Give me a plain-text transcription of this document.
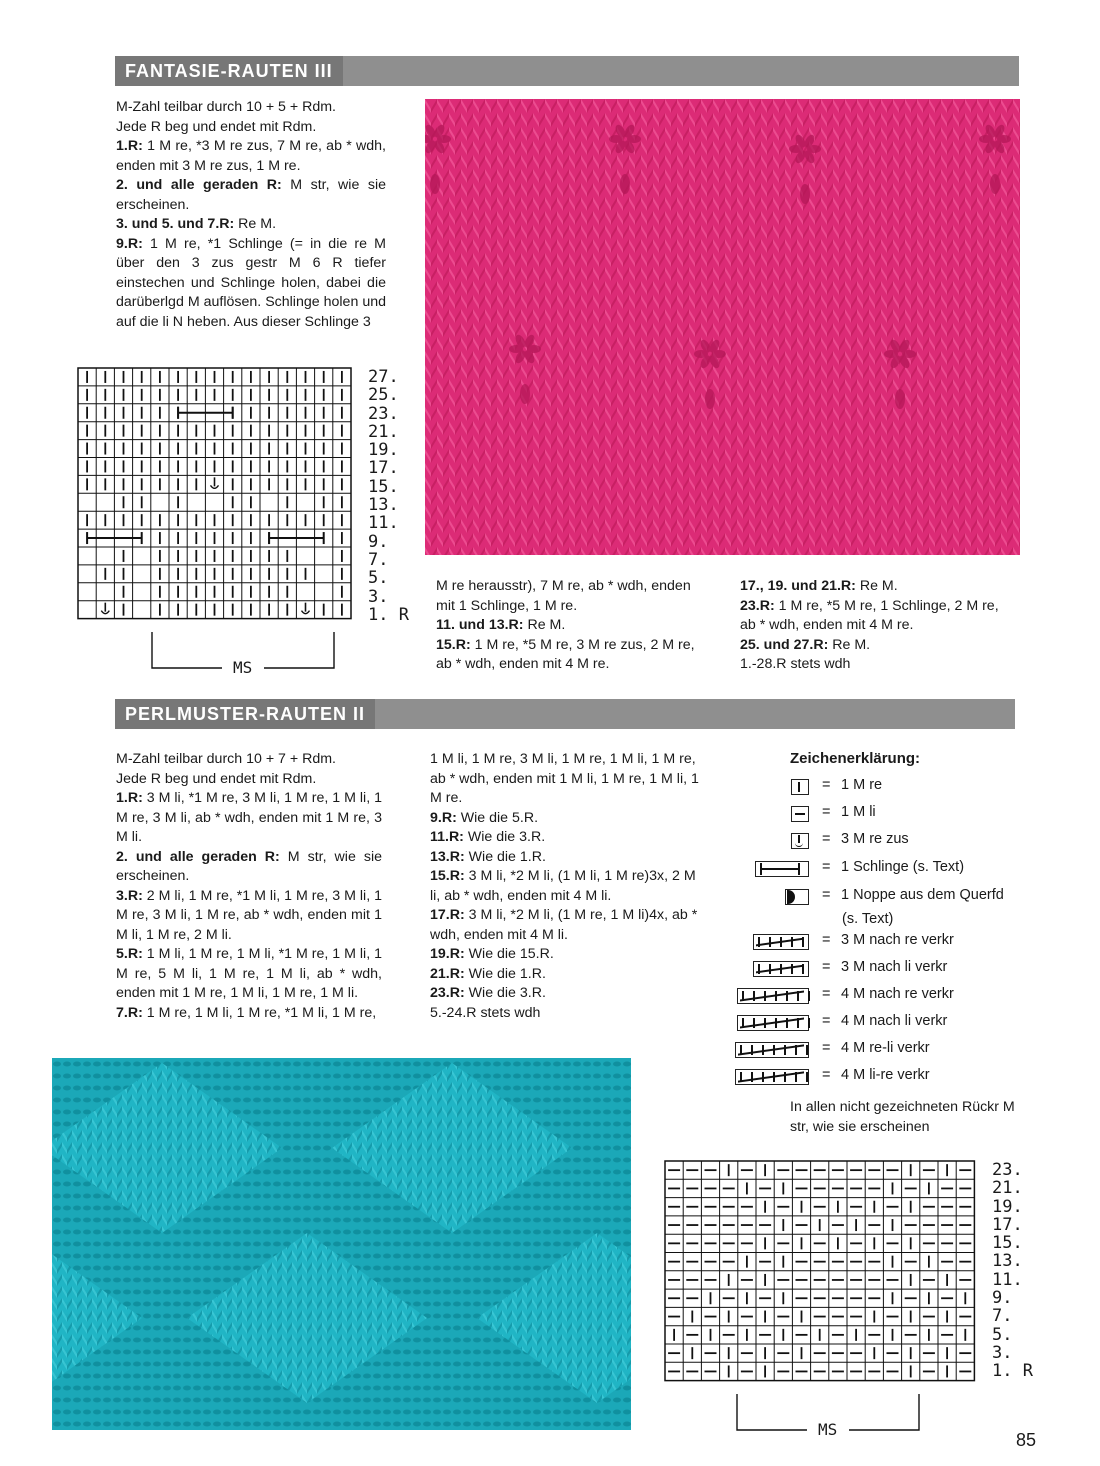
FANTASIE-RAUTEN III

M-Zahl teilbar durch 10 + 5 + Rdm.

Jede R beg und endet mit Rdm.

1.R: 1 M re, *3 M re zus, 7 M re, ab * wdh, enden mit 3 M re zus, 1 M re.

2. und alle geraden R: M str, wie sie erscheinen.

3. und 5. und 7.R: Re M.

9.R: 1 M re, *1 Schlinge (= in die re M über den 3 zus gestr M 6 R tiefer einstechen und Schlinge holen, dabei die darüberlgd M auflösen. Schlinge holen und auf die li N heben. Aus dieser Schlinge 3

27.
25.
23.
21.
19.
17.
15.
13.
11.
9.
7.
5.
3.
1. R
MS

M re herausstr), 7 M re, ab * wdh, enden mit 1 Schlinge, 1 M re.

11. und 13.R: Re M.

15.R: 1 M re, *5 M re, 3 M re zus, 2 M re, ab * wdh, enden mit 4 M re.

17., 19. und 21.R: Re M.

23.R: 1 M re, *5 M re, 1 Schlinge, 2 M re, ab * wdh, enden mit 4 M re.

25. und 27.R: Re M.

1.-28.R stets wdh

PERLMUSTER-RAUTEN II

M-Zahl teilbar durch 10 + 7 + Rdm.

Jede R beg und endet mit Rdm.

1.R: 3 M li, *1 M re, 3 M li, 1 M re, 1 M li, 1 M re, 3 M li, ab * wdh, enden mit 1 M re, 3 M li.

2. und alle geraden R: M str, wie sie erscheinen.

3.R: 2 M li, 1 M re, *1 M li, 1 M re, 3 M li, 1 M re, 3 M li, 1 M re, ab * wdh, enden mit 1 M li, 1 M re, 2 M li.

5.R: 1 M li, 1 M re, 1 M li, *1 M re, 1 M li, 1 M re, 5 M li, 1 M re, 1 M li, ab * wdh, enden mit 1 M re, 1 M li, 1 M re, 1 M li.

7.R: 1 M re, 1 M li, 1 M re, *1 M li, 1 M re,

1 M li, 1 M re, 3 M li, 1 M re, 1 M li, 1 M re, ab * wdh, enden mit 1 M li, 1 M re, 1 M li, 1 M re.

9.R: Wie die 5.R.

11.R: Wie die 3.R.

13.R: Wie die 1.R.

15.R: 3 M li, *2 M li, (1 M li, 1 M re)3x, 2 M li, ab * wdh, enden mit 4 M li.

17.R: 3 M li, *2 M li, (1 M re, 1 M li)4x, ab * wdh, enden mit 4 M li.

19.R: Wie die 15.R.

21.R: Wie die 1.R.

23.R: Wie die 3.R.

5.-24.R stets wdh

Zeichenerklärung:
= 1 M re
= 1 M li
= 3 M re zus
= 1 Schlinge (s. Text)
= 1 Noppe aus dem Querfd
(s. Text)
= 3 M nach re verkr
= 3 M nach li verkr
= 4 M nach re verkr
= 4 M nach li verkr
= 4 M re-li verkr
= 4 M li-re verkr
In allen nicht gezeichneten Rückr M str, wie sie erscheinen
23.
21.
19.
17.
15.
13.
11.
9.
7.
5.
3.
1. R
MS
85
